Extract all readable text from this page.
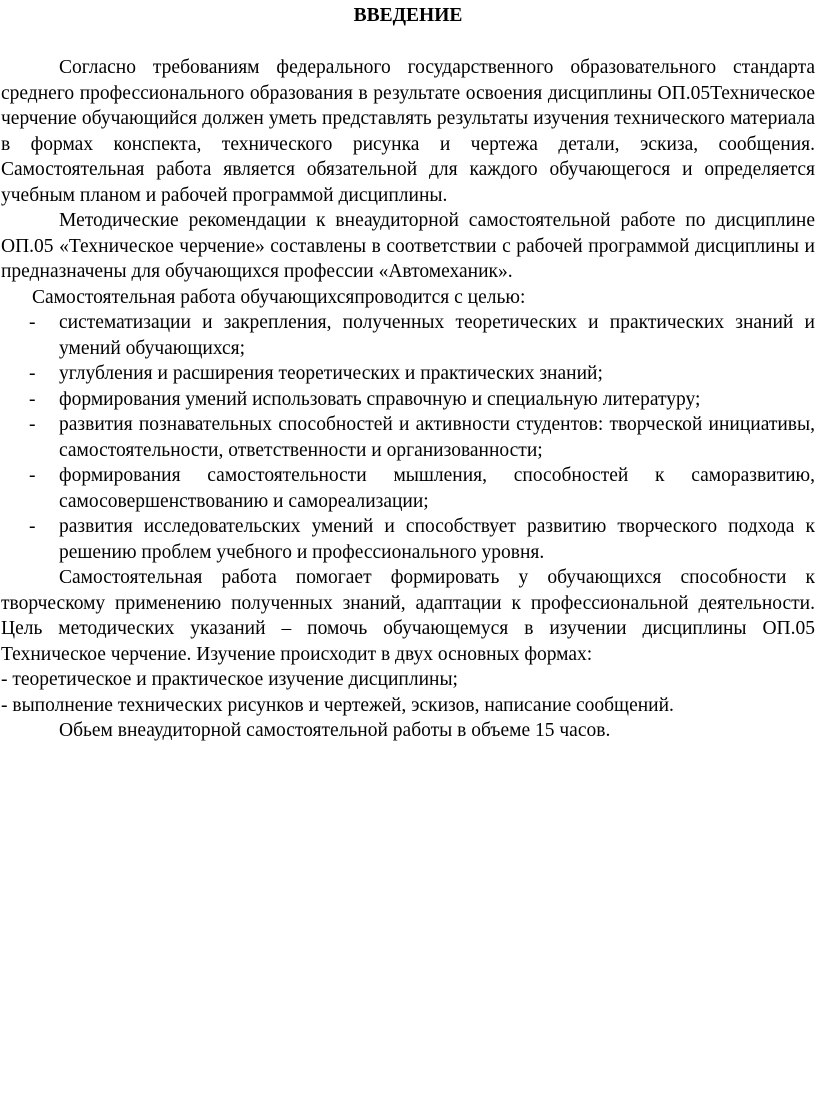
ВВЕДЕНИЕ

Согласно требованиям федерального государственного образовательного стандарта среднего профессионального образования в результате освоения дисциплины ОП.05Техническое черчение обучающийся должен уметь представлять результаты изучения технического материала в формах конспекта, технического рисунка и чертежа детали, эскиза, сообщения. Самостоятельная работа является обязательной для каждого обучающегося и определяется учебным планом и рабочей программой дисциплины.

Методические рекомендации к внеаудиторной самостоятельной работе по дисциплине ОП.05 «Техническое черчение» составлены в соответствии с рабочей программой дисциплины и предназначены для обучающихся профессии «Автомеханик».

Самостоятельная работа обучающихсяпроводится с целью:

- систематизации и закрепления, полученных теоретических и практических знаний и умений обучающихся;
- углубления и расширения теоретических и практических знаний;
- формирования умений использовать справочную и специальную литературу;
- развития познавательных способностей и активности студентов: творческой инициативы, самостоятельности, ответственности и организованности;
- формирования самостоятельности мышления, способностей к саморазвитию, самосовершенствованию и самореализации;
- развития исследовательских умений и способствует развитию творческого подхода к решению проблем учебного и профессионального уровня.

Самостоятельная работа помогает формировать у обучающихся способности к творческому применению полученных знаний, адаптации к профессиональной деятельности. Цель методических указаний – помочь обучающемуся в изучении дисциплины ОП.05 Техническое черчение. Изучение происходит в двух основных формах:

- теоретическое и практическое изучение дисциплины;

- выполнение технических рисунков и чертежей, эскизов, написание сообщений.

Обьем внеаудиторной самостоятельной работы в объеме 15 часов.
